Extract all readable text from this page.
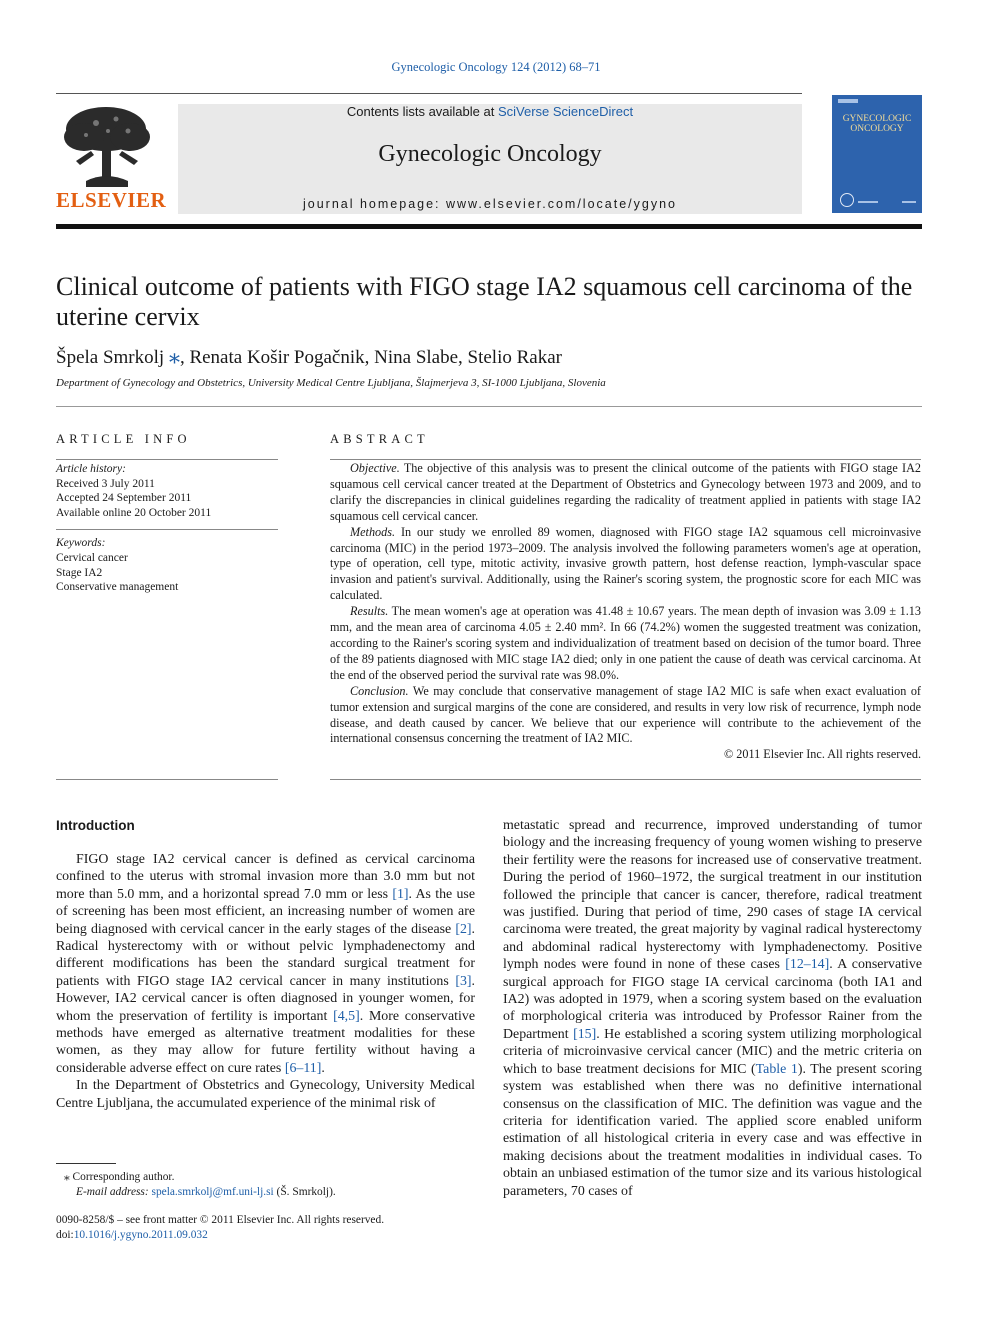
Gynecologic Oncology 124 (2012) 68–71
Contents lists available at SciVerse ScienceDirect
Gynecologic Oncology
journal homepage: www.elsevier.com/locate/ygyno
ELSEVIER
GYNECOLOGIC
ONCOLOGY
Clinical outcome of patients with FIGO stage IA2 squamous cell carcinoma of the uterine cervix
Špela Smrkolj ⁎, Renata Košir Pogačnik, Nina Slabe, Stelio Rakar
Department of Gynecology and Obstetrics, University Medical Centre Ljubljana, Šlajmerjeva 3, SI-1000 Ljubljana, Slovenia
ARTICLE INFO	ABSTRACT
Article history:
Received 3 July 2011
Accepted 24 September 2011
Available online 20 October 2011
Keywords:
Cervical cancer
Stage IA2
Conservative management

Objective. The objective of this analysis was to present the clinical outcome of the patients with FIGO stage IA2 squamous cell cervical cancer treated at the Department of Obstetrics and Gynecology between 1973 and 2009, and to clarify the discrepancies in clinical guidelines regarding the radicality of treatment applied in patients with stage IA2 squamous cell cervical cancer.

Methods. In our study we enrolled 89 women, diagnosed with FIGO stage IA2 squamous cell microinvasive carcinoma (MIC) in the period 1973–2009. The analysis involved the following parameters women's age at operation, type of operation, cell type, mitotic activity, invasive growth pattern, host defense reaction, lymph-vascular space invasion and patient's survival. Additionally, using the Rainer's scoring system, the prognostic score for each MIC was calculated.

Results. The mean women's age at operation was 41.48 ± 10.67 years. The mean depth of invasion was 3.09 ± 1.13 mm, and the mean area of carcinoma 4.05 ± 2.40 mm². In 66 (74.2%) women the suggested treatment was conization, according to the Rainer's scoring system and individualization of treatment based on decision of the tumor board. Three of the 89 patients diagnosed with MIC stage IA2 died; only in one patient the cause of death was cervical carcinoma. At the end of the observed period the survival rate was 98.0%.

Conclusion. We may conclude that conservative management of stage IA2 MIC is safe when exact evaluation of tumor extension and surgical margins of the cone are considered, and results in very low risk of recurrence, lymph node disease, and death caused by cancer. We believe that our experience will contribute to the achievement of the international consensus concerning the treatment of IA2 MIC.

© 2011 Elsevier Inc. All rights reserved.
Introduction

FIGO stage IA2 cervical cancer is defined as cervical carcinoma confined to the uterus with stromal invasion more than 3.0 mm but not more than 5.0 mm, and a horizontal spread 7.0 mm or less [1]. As the use of screening has been most efficient, an increasing number of women are being diagnosed with cervical cancer in the early stages of the disease [2]. Radical hysterectomy with or without pelvic lymphadenectomy and different modifications has been the standard surgical treatment for patients with FIGO stage IA2 cervical cancer in many institutions [3]. However, IA2 cervical cancer is often diagnosed in younger women, for whom the preservation of fertility is important [4,5]. More conservative methods have emerged as alternative treatment modalities for these women, as they may allow for future fertility without having a considerable adverse effect on cure rates [6–11].

In the Department of Obstetrics and Gynecology, University Medical Centre Ljubljana, the accumulated experience of the minimal risk of

metastatic spread and recurrence, improved understanding of tumor biology and the increasing frequency of young women wishing to preserve their fertility were the reasons for increased use of conservative treatment. During the period of 1960–1972, the surgical treatment in our institution followed the principle that cancer is cancer, therefore, radical treatment was justified. During that period of time, 290 cases of stage IA cervical carcinoma were treated, the great majority by vaginal radical hysterectomy and abdominal radical hysterectomy with lymphadenectomy. Positive lymph nodes were found in none of these cases [12–14]. A conservative surgical approach for FIGO stage IA cervical carcinoma (both IA1 and IA2) was adopted in 1979, when a scoring system based on the evaluation of morphological criteria was introduced by Professor Rainer from the Department [15]. He established a scoring system utilizing morphological criteria of microinvasive cervical cancer (MIC) and the metric criteria on which to base treatment decisions for MIC (Table 1). The present scoring system was established when there was no definitive international consensus on the classification of MIC. The definition was vague and the criteria for identification varied. The applied score enabled uniform estimation of all histological criteria in every case and was effective in making decisions about the treatment modalities in individual cases. To obtain an unbiased estimation of the tumor size and its various histological parameters, 70 cases of

⁎ Corresponding author.
E-mail address: spela.smrkolj@mf.uni-lj.si (Š. Smrkolj).
0090-8258/$ – see front matter © 2011 Elsevier Inc. All rights reserved.
doi:10.1016/j.ygyno.2011.09.032
